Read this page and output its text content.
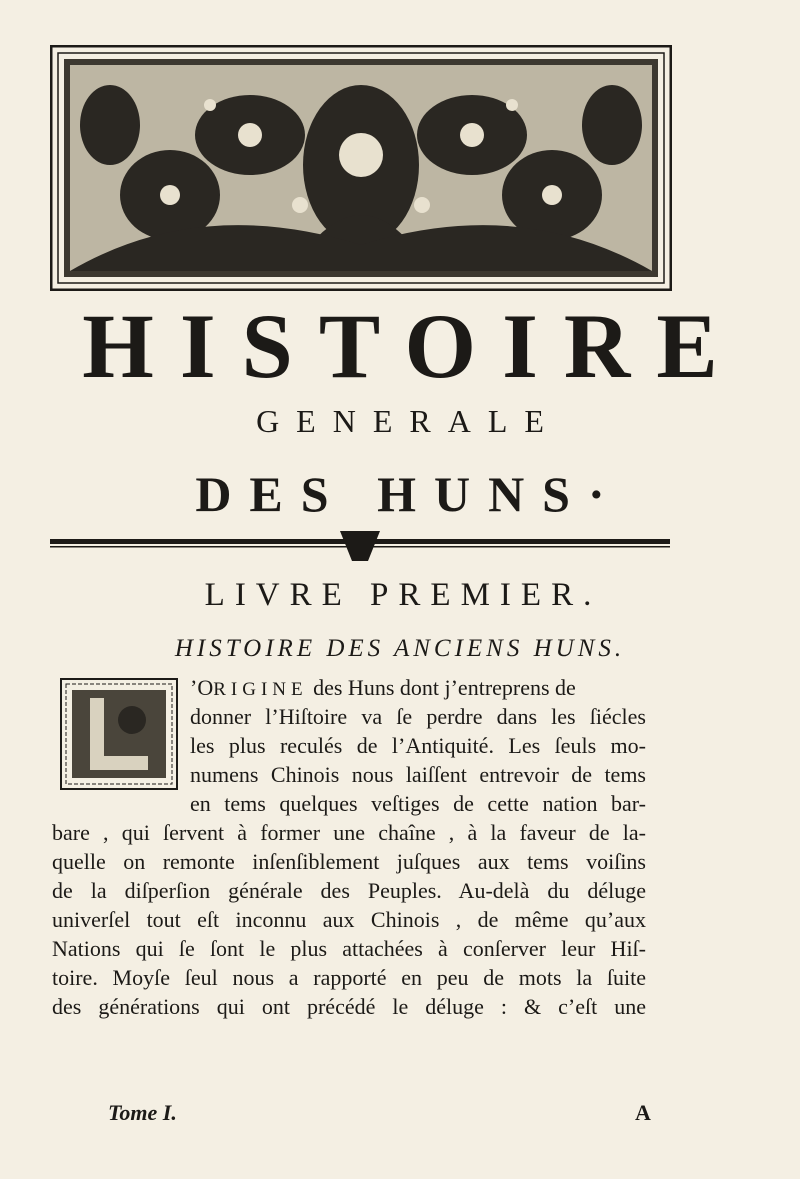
HISTOIRE
GENERALE
DES HUNS·
LIVRE PREMIER.
HISTOIRE DES ANCIENS HUNS.
’ORIGINE des Huns dont j’entreprens de
donner l’Hiſtoire va ſe perdre dans les ſiécles
les plus reculés de l’Antiquité. Les ſeuls mo-
numens Chinois nous laiſſent entrevoir de tems
en tems quelques veſtiges de cette nation bar-
bare , qui ſervent à former une chaîne , à la faveur de la-
quelle on remonte inſenſiblement juſques aux tems voiſins
de la diſperſion générale des Peuples. Au-delà du déluge
univerſel tout eſt inconnu aux Chinois , de même qu’aux
Nations qui ſe ſont le plus attachées à conſerver leur Hiſ-
toire. Moyſe ſeul nous a rapporté en peu de mots la ſuite
des générations qui ont précédé le déluge : & c’eſt une
Tome I.	A
